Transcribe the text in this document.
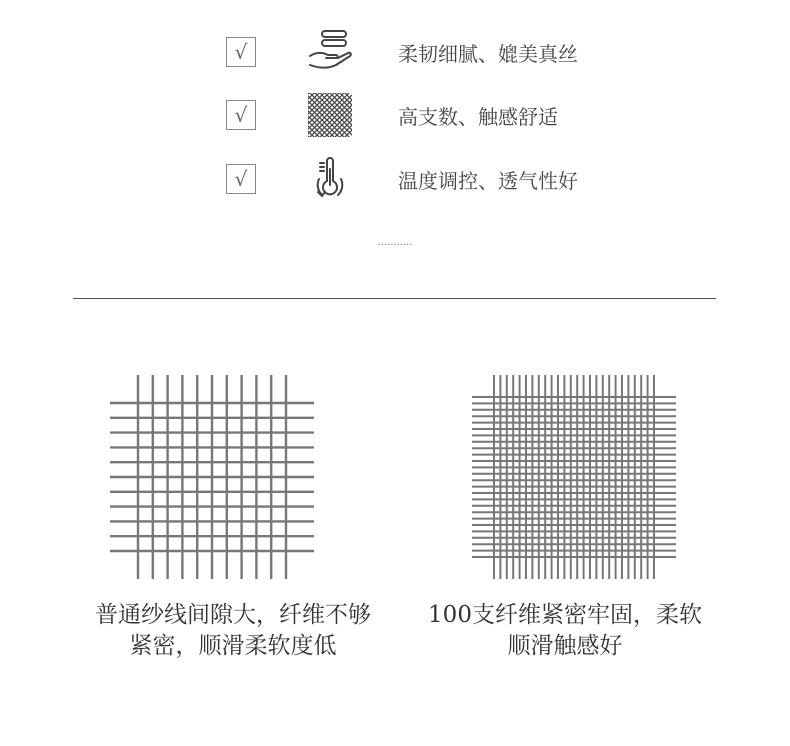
√	柔韧细腻、媲美真丝
√	高支数、触感舒适
√	温度调控、透气性好
···········
普通纱线间隙大，纤维不够
紧密，顺滑柔软度低
100支纤维紧密牢固，柔软
顺滑触感好
